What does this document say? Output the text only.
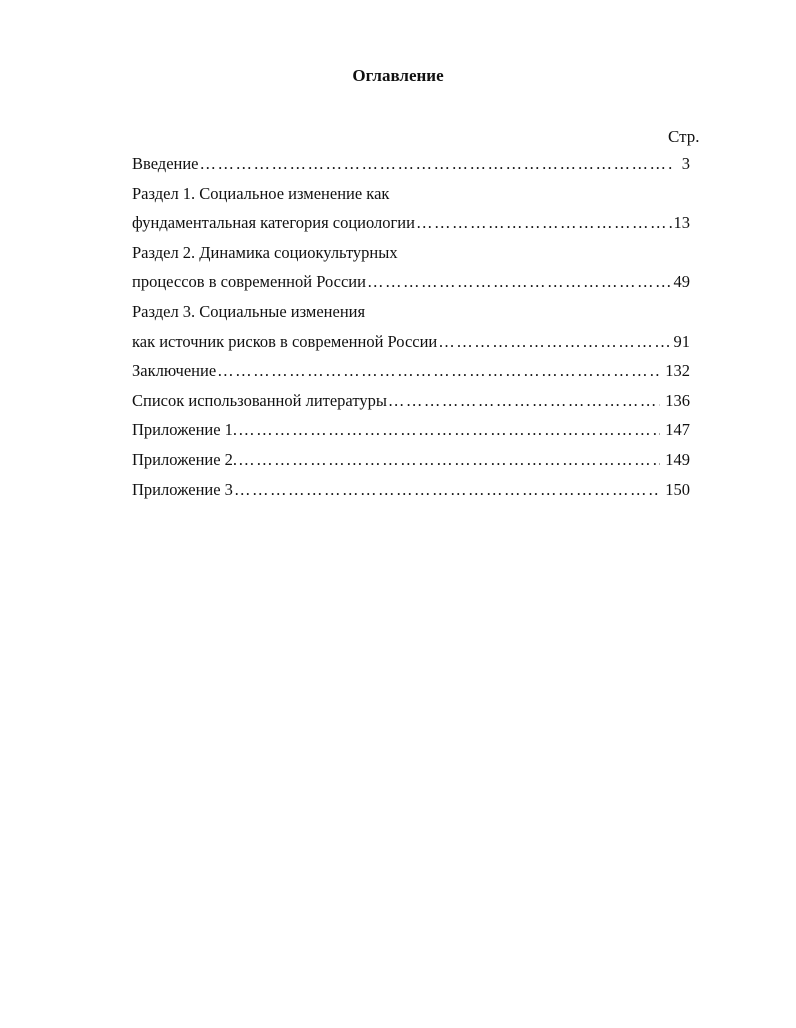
Оглавление
Стр.
Введение ………………………………………………………………………………………………………………………………………………	3
Раздел 1. Социальное изменение как
фундаментальная категория социологии ………………………………………………………………………………………………………………………………………………	13
Раздел 2. Динамика социокультурных
процессов в современной России ………………………………………………………………………………………………………………………………………………	49
Раздел 3. Социальные изменения
как источник рисков в современной России ………………………………………………………………………………………………………………………………………………	91
Заключение ………………………………………………………………………………………………………………………………………………	132
Список использованной литературы ………………………………………………………………………………………………………………………………………………	136
Приложение 1. ………………………………………………………………………………………………………………………………………………	147
Приложение 2. ………………………………………………………………………………………………………………………………………………	149
Приложение 3 ………………………………………………………………………………………………………………………………………………	150
